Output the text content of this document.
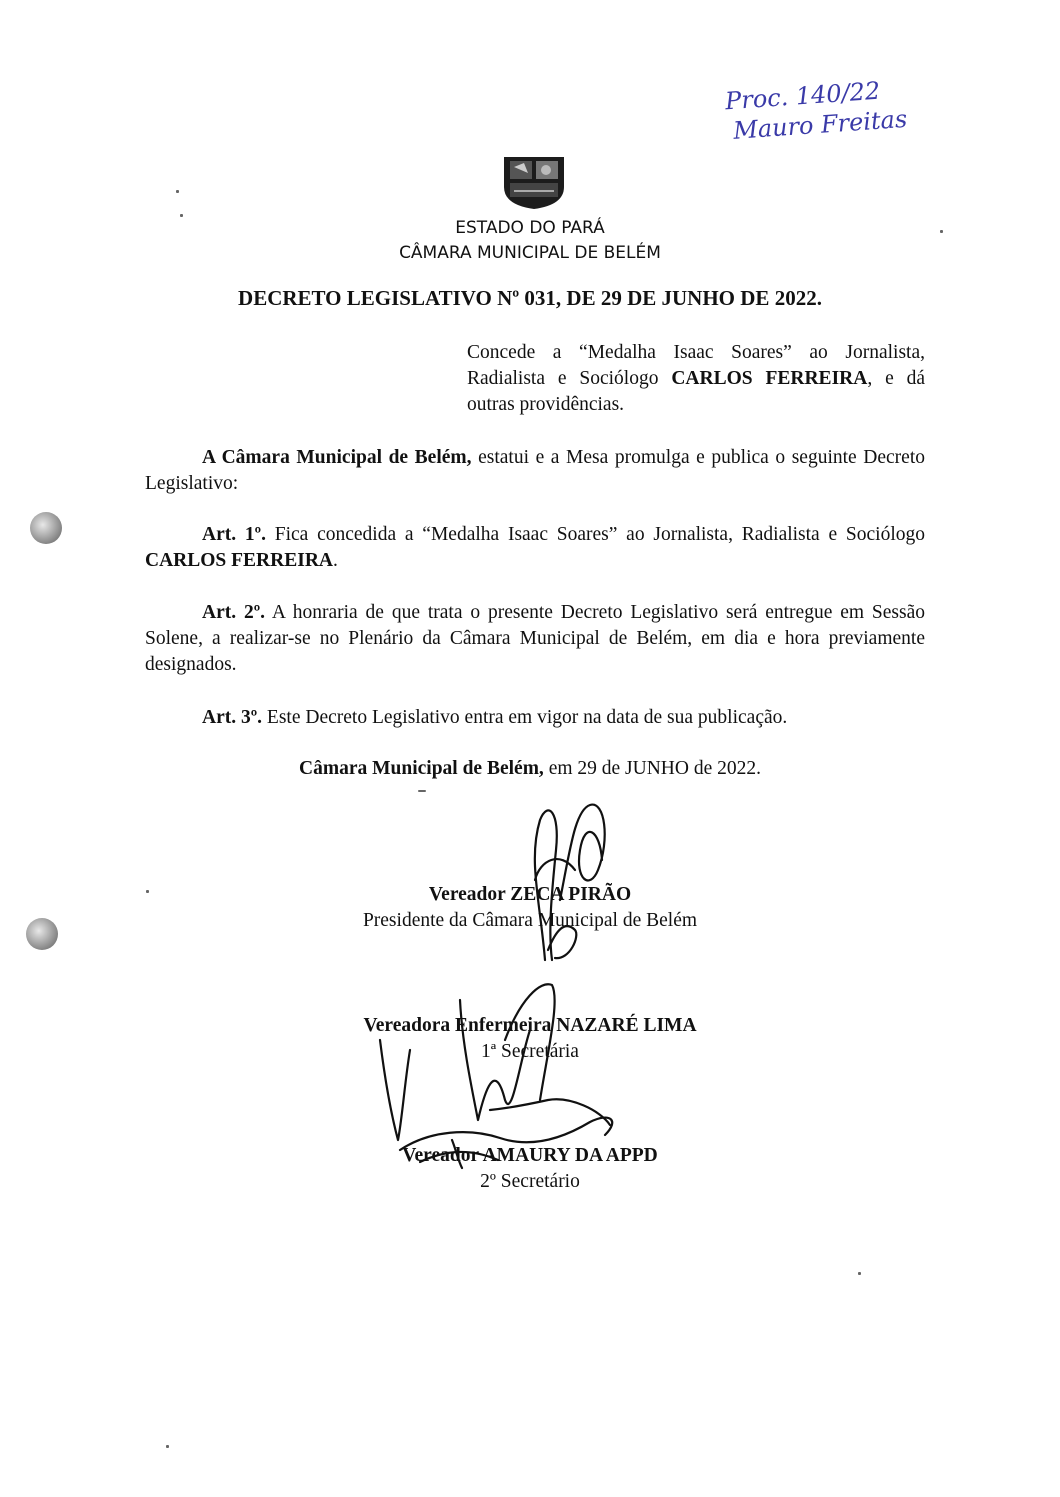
Proc. 140/22
Mauro Freitas
ESTADO DO PARÁ
CÂMARA MUNICIPAL DE BELÉM
DECRETO LEGISLATIVO Nº 031, DE 29 DE JUNHO DE 2022.
Concede a “Medalha Isaac Soares” ao Jornalista, Radialista e Sociólogo CARLOS FERREIRA, e dá outras providências.
A Câmara Municipal de Belém, estatui e a Mesa promulga e publica o seguinte Decreto Legislativo:
Art. 1º. Fica concedida a “Medalha Isaac Soares” ao Jornalista, Radialista e Sociólogo CARLOS FERREIRA.
Art. 2º. A honraria de que trata o presente Decreto Legislativo será entregue em Sessão Solene, a realizar-se no Plenário da Câmara Municipal de Belém, em dia e hora previamente designados.
Art. 3º. Este Decreto Legislativo entra em vigor na data de sua publicação.
Câmara Municipal de Belém, em 29 de JUNHO de 2022.
Vereador ZECA PIRÃO
Presidente da Câmara Municipal de Belém
Vereadora Enfermeira NAZARÉ LIMA
1ª Secretária
Vereador AMAURY DA APPD
2º Secretário
